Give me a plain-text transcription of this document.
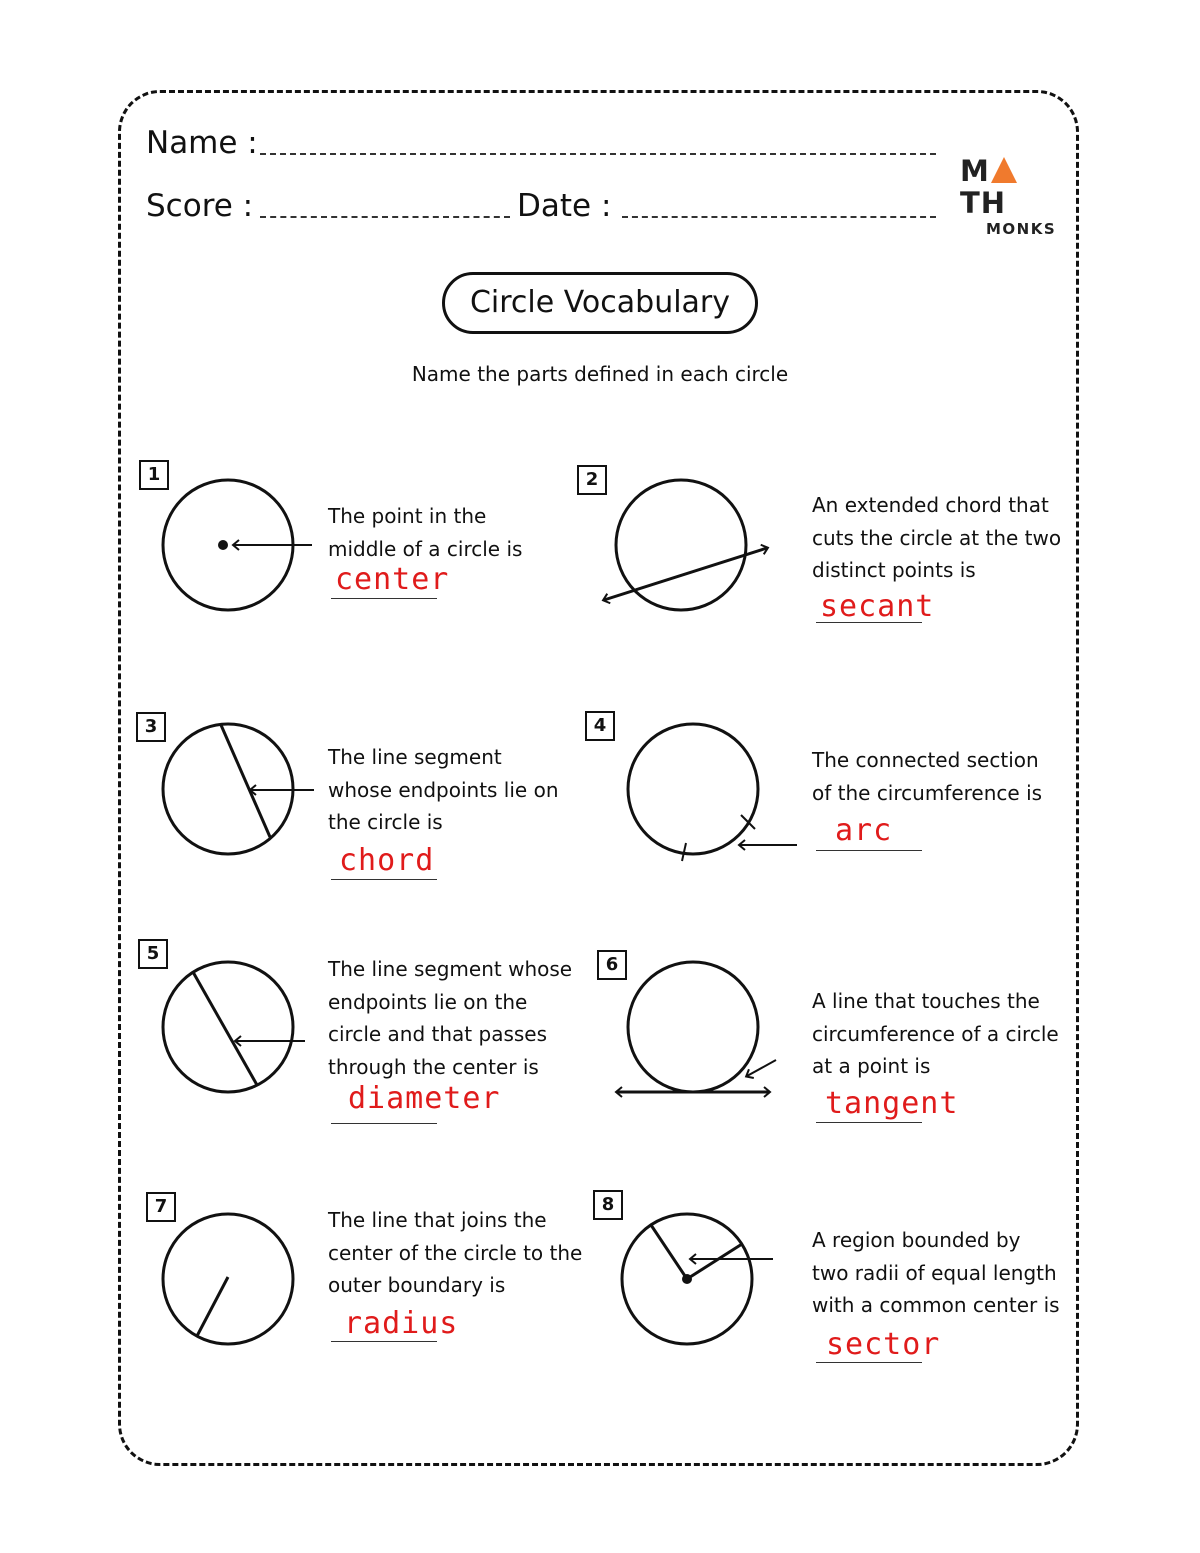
Name :
Score :	Date :
MTH
MONKS
Circle Vocabulary
Name the parts defined in each circle
1	2
3	4
5
6
7	8
The point in the middle of a circle is
An extended chord that cuts the circle at the two distinct points is
The line segment whose endpoints lie on the circle is
The connected section of the circumference is
The line segment whose endpoints lie on the circle and that passes through the center is
A line that touches the circumference of a circle at a point is
The line that joins the center of the circle to the outer boundary is
A region bounded by two radii of equal length with a common center is
center
secant
chord
arc
diameter	tangent
radius
sector
